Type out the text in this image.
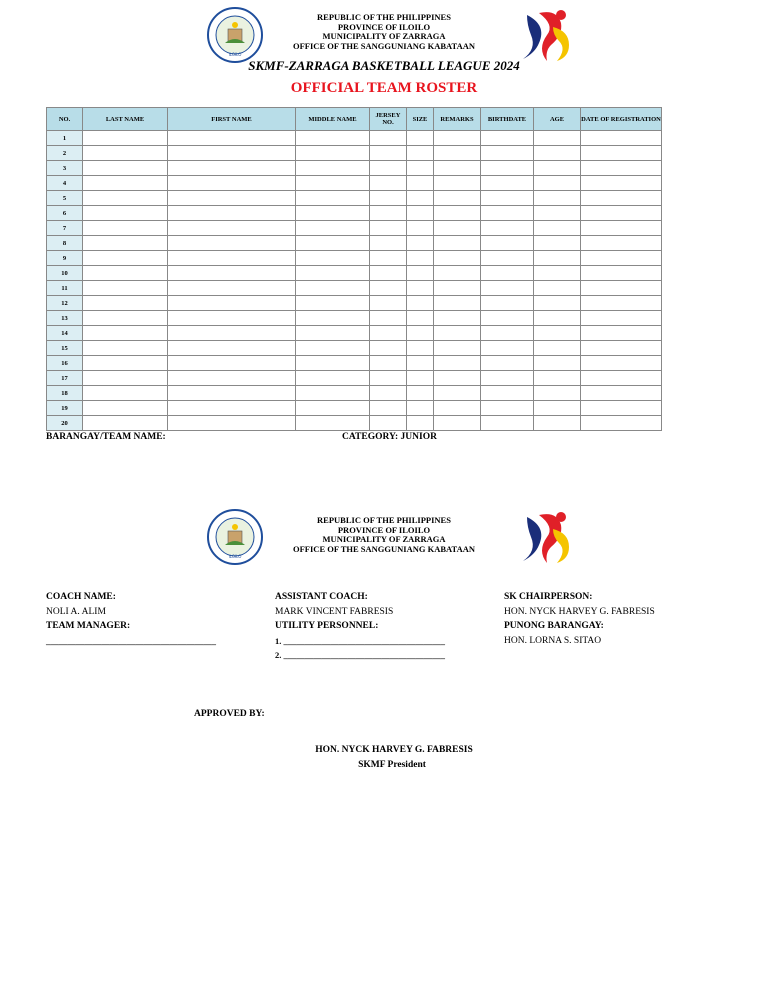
ILOILO
REPUBLIC OF THE PHILIPPINES
PROVINCE OF ILOILO
MUNICIPALITY OF ZARRAGA
OFFICE OF THE SANGGUNIANG KABATAAN
SKMF-ZARRAGA BASKETBALL LEAGUE 2024
OFFICIAL TEAM ROSTER
NO.	LAST NAME	FIRST NAME	MIDDLE NAME	JERSEY NO.	SIZE	REMARKS	BIRTHDATE	AGE	DATE OF REGISTRATION
1									
2									
3									
4									
5									
6									
7									
8									
9									
10									
11									
12									
13									
14									
15									
16									
17									
18									
19									
20									
BARANGAY/TEAM NAME:	CATEGORY: JUNIOR
ILOILO
REPUBLIC OF THE PHILIPPINES
PROVINCE OF ILOILO
MUNICIPALITY OF ZARRAGA
OFFICE OF THE SANGGUNIANG KABATAAN
COACH NAME:
NOLI A. ALIM
TEAM MANAGER:
________________________________________
ASSISTANT COACH:
MARK VINCENT FABRESIS
UTILITY PERSONNEL:
1. ______________________________________
2. ______________________________________
SK CHAIRPERSON:
HON. NYCK HARVEY G. FABRESIS
PUNONG BARANGAY:
HON. LORNA S. SITAO
APPROVED BY:
HON. NYCK HARVEY G. FABRESIS
SKMF President
